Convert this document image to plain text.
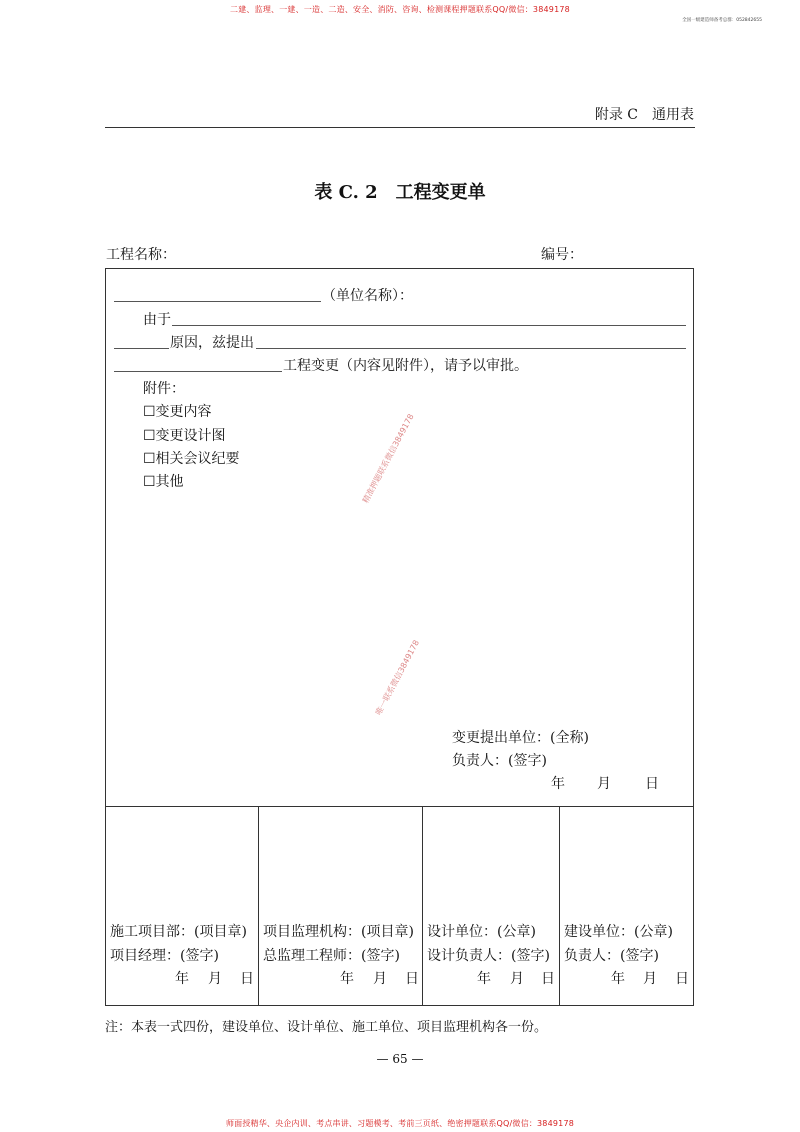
二建、监理、一建、一造、二造、安全、消防、咨询、检测课程押题联系QQ/微信：3849178
全国一级建造师备考总群：052842655
附录 C　通用表
表 C. 2　工程变更单
工程名称：	编号：
（单位名称）：
由于
原因，兹提出
工程变更（内容见附件），请予以审批。
附件：
☐变更内容
☐变更设计图
☐相关会议纪要
☐其他	精准押题联系微信3849178
唯一联系微信3849178
变更提出单位：(全称)
负责人：(签字)
年 月 日
施工项目部：(项目章)
项目经理：(签字)
年 月 日
项目监理机构：(项目章)
总监理工程师：(签字)
年 月 日
设计单位：(公章)
设计负责人：(签字)
年 月 日
建设单位：(公章)
负责人：(签字)
年 月 日
注：本表一式四份，建设单位、设计单位、施工单位、项目监理机构各一份。
— 65 —
师面授精华、央企内训、考点串讲、习题模考、考前三页纸、绝密押题联系QQ/微信：3849178
